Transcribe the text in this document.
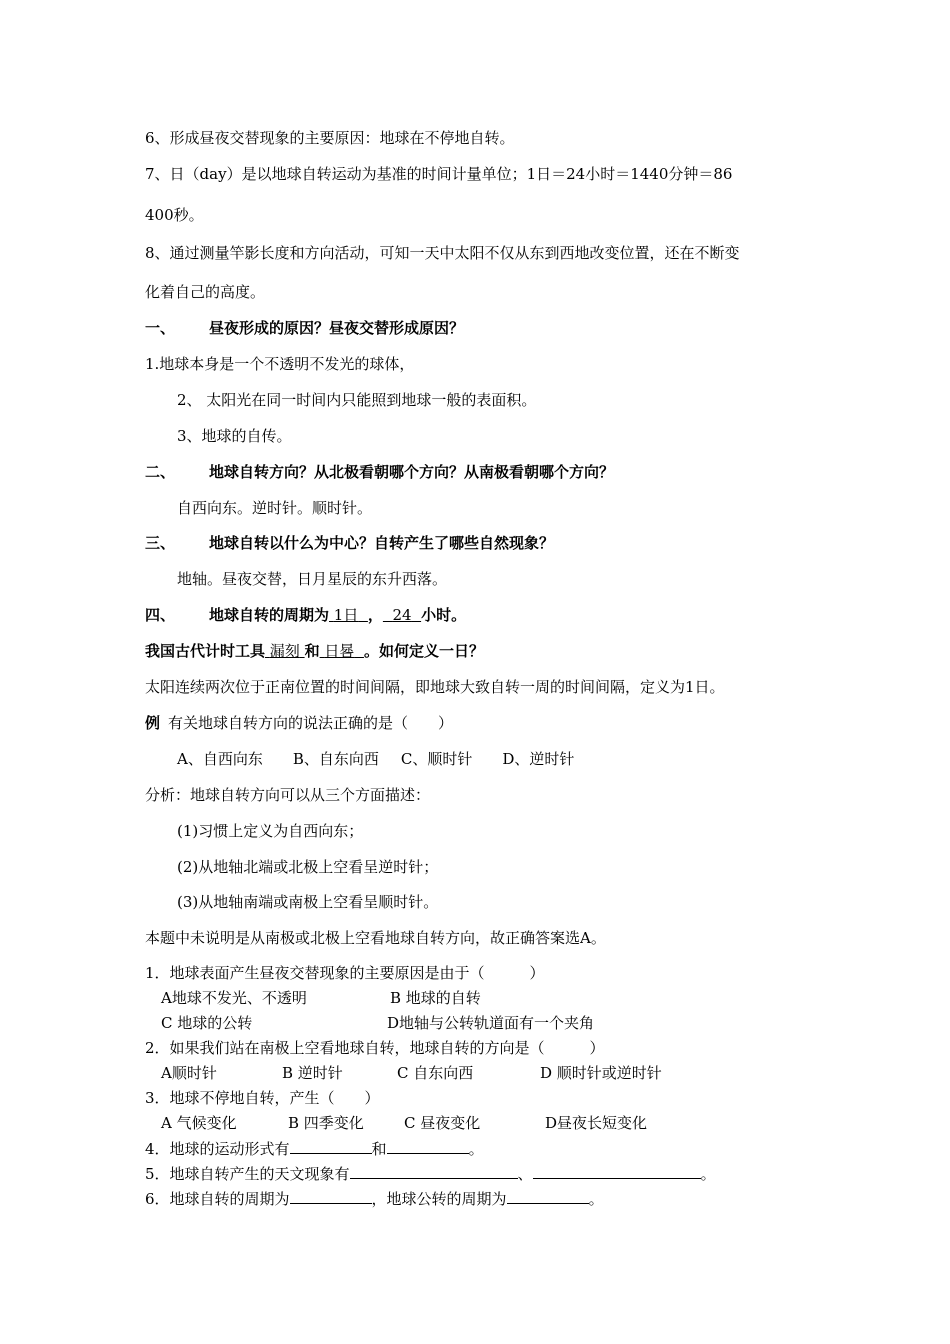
6、形成昼夜交替现象的主要原因：地球在不停地自转。
7、日（day）是以地球自转运动为基准的时间计量单位；1日＝24小时＝1440分钟＝86
400秒。
8、通过测量竿影长度和方向活动，可知一天中太阳不仅从东到西地改变位置，还在不断变
化着自己的高度。
一、 昼夜形成的原因？昼夜交替形成原因？
1.地球本身是一个不透明不发光的球体，
2、 太阳光在同一时间内只能照到地球一般的表面积。
3、地球的自传。
二、 地球自转方向？从北极看朝哪个方向？从南极看朝哪个方向？
自西向东。逆时针。顺时针。
三、 地球自转以什么为中心？自转产生了哪些自然现象？
地轴。昼夜交替，日月星辰的东升西落。
四、 地球自转的周期为 1日 ， 24 小时。
我国古代计时工具 漏刻 和 日晷 。如何定义一日？
太阳连续两次位于正南位置的时间间隔，即地球大致自转一周的时间间隔，定义为1日。
例 有关地球自转方向的说法正确的是（　　）
A、自西向东 B、自东向西 C、顺时针 D、逆时针
分析：地球自转方向可以从三个方面描述：
(1)习惯上定义为自西向东；
(2)从地轴北端或北极上空看呈逆时针；
(3)从地轴南端或南极上空看呈顺时针。
本题中未说明是从南极或北极上空看地球自转方向，故正确答案选A。
1．地球表面产生昼夜交替现象的主要原因是由于（　　　）
A地球不发光、不透明	B 地球的自转
C 地球的公转	D地轴与公转轨道面有一个夹角
2．如果我们站在南极上空看地球自转，地球自转的方向是（　　　）
A顺时针	B 逆时针	C 自东向西	D 顺时针或逆时针
3．地球不停地自转，产生（　　）
A 气候变化	B 四季变化	C 昼夜变化	D昼夜长短变化
4．地球的运动形式有	和	。
5．地球自转产生的天文现象有	、	。
6．地球自转的周期为	，地球公转的周期为	。
